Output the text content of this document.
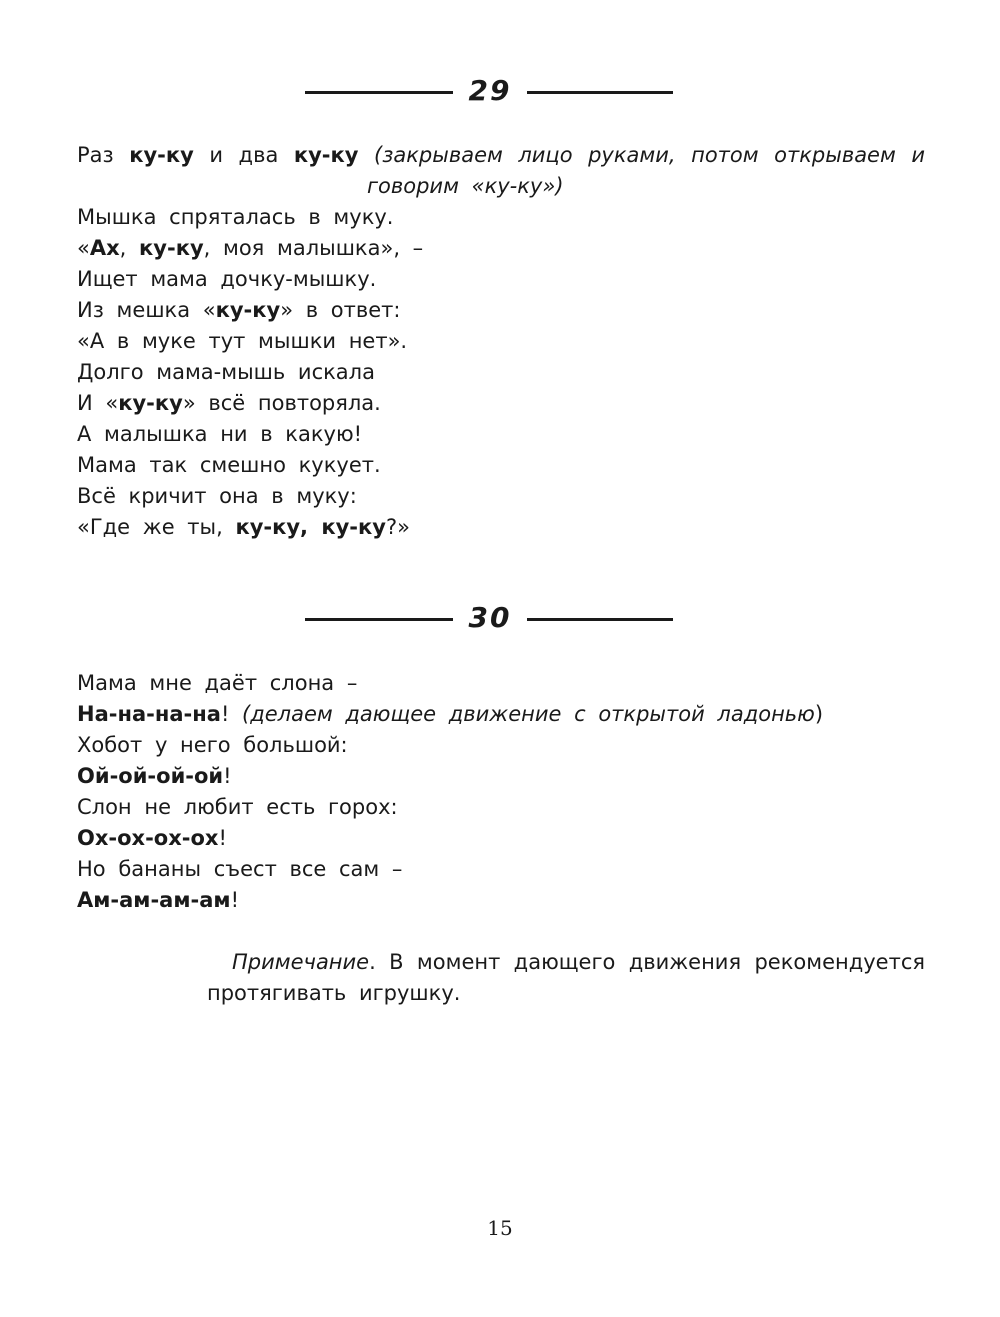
29
Раз ку-ку и два ку-ку (закрываем лицо руками, потом открываем и
говорим «ку-ку»)
Мышка спряталась в муку.
«Ах, ку-ку, моя малышка», –
Ищет мама дочку-мышку.
Из мешка «ку-ку» в ответ:
«А в муке тут мышки нет».
Долго мама-мышь искала
И «ку-ку» всё повторяла.
А малышка ни в какую!
Мама так смешно кукует.
Всё кричит она в муку:
«Где же ты, ку-ку, ку-ку?»
30
Мама мне даёт слона –
На-на-на-на! (делаем дающее движение с открытой ладонью)
Хобот у него большой:
Ой-ой-ой-ой!
Слон не любит есть горох:
Ох-ох-ох-ох!
Но бананы съест все сам –
Ам-ам-ам-ам!
Примечание. В момент дающего движения рекомендуется
протягивать игрушку.
15
